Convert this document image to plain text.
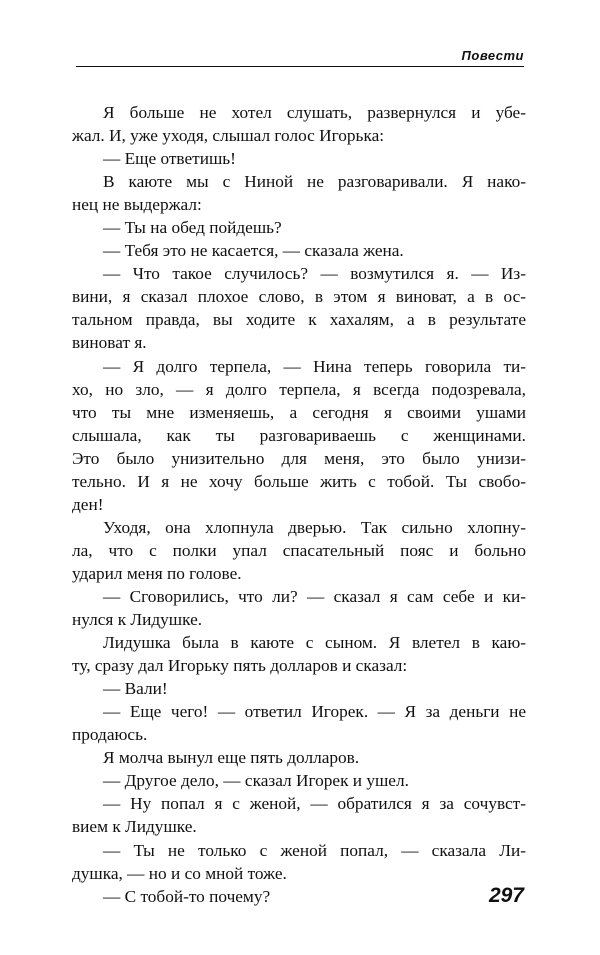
Повести
Я больше не хотел слушать, развернулся и убе-
жал. И, уже уходя, слышал голос Игорька:
— Еще ответишь!
В каюте мы с Ниной не разговаривали. Я нако-
нец не выдержал:
— Ты на обед пойдешь?
— Тебя это не касается, — сказала жена.
— Что такое случилось? — возмутился я. — Из-
вини, я сказал плохое слово, в этом я виноват, а в ос-
тальном правда, вы ходите к хахалям, а в результате
виноват я.
— Я долго терпела, — Нина теперь говорила ти-
хо, но зло, — я долго терпела, я всегда подозревала,
что ты мне изменяешь, а сегодня я своими ушами
слышала, как ты разговариваешь с женщинами.
Это было унизительно для меня, это было унизи-
тельно. И я не хочу больше жить с тобой. Ты свобо-
ден!
Уходя, она хлопнула дверью. Так сильно хлопну-
ла, что с полки упал спасательный пояс и больно
ударил меня по голове.
— Сговорились, что ли? — сказал я сам себе и ки-
нулся к Лидушке.
Лидушка была в каюте с сыном. Я влетел в каю-
ту, сразу дал Игорьку пять долларов и сказал:
— Вали!
— Еще чего! — ответил Игорек. — Я за деньги не
продаюсь.
Я молча вынул еще пять долларов.
— Другое дело, — сказал Игорек и ушел.
— Ну попал я с женой, — обратился я за сочувст-
вием к Лидушке.
— Ты не только с женой попал, — сказала Ли-
душка, — но и со мной тоже.
— С тобой-то почему?	297
